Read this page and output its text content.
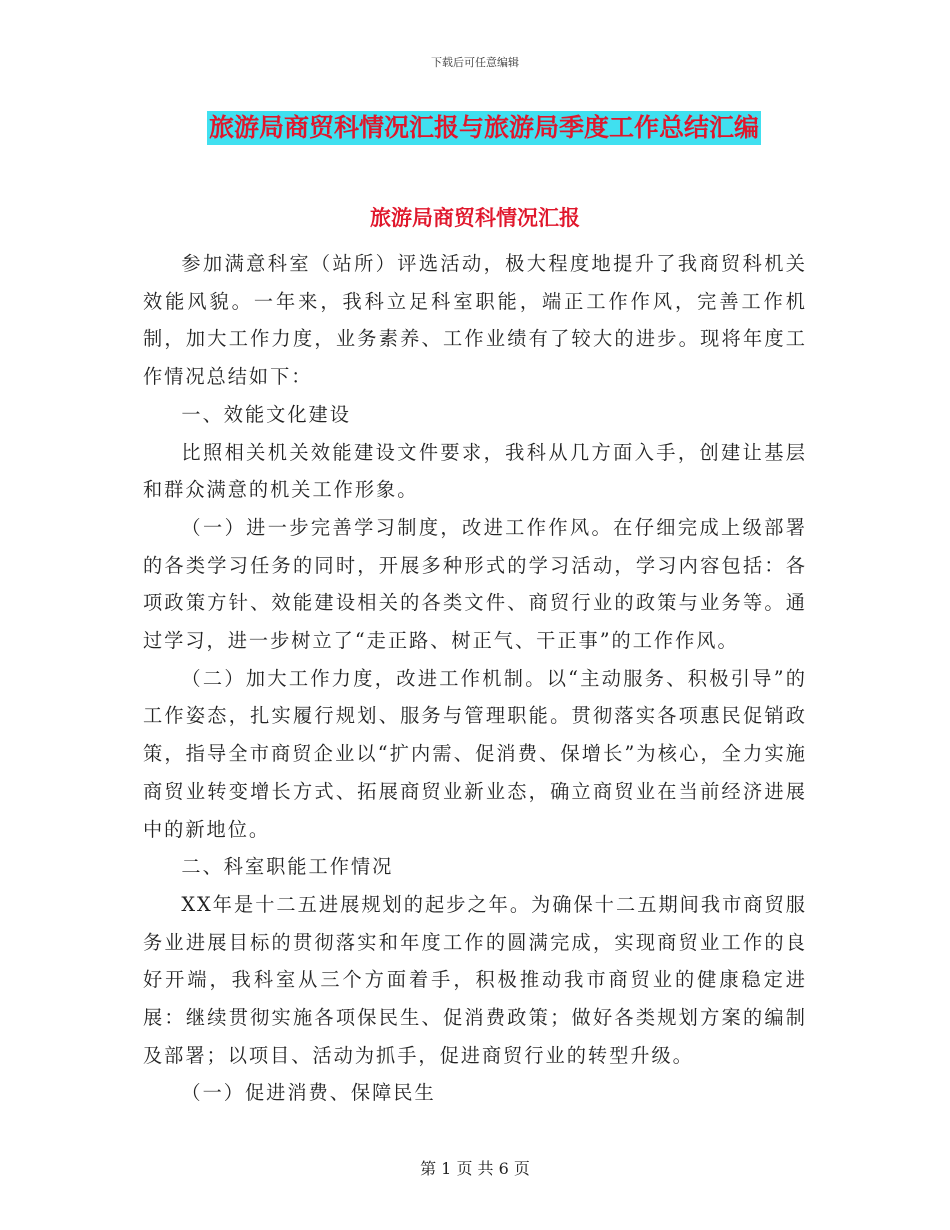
下载后可任意编辑
旅游局商贸科情况汇报与旅游局季度工作总结汇编
旅游局商贸科情况汇报

参加满意科室（站所）评选活动，极大程度地提升了我商贸科机关效能风貌。一年来，我科立足科室职能，端正工作作风，完善工作机制，加大工作力度，业务素养、工作业绩有了较大的进步。现将年度工作情况总结如下：

一、效能文化建设

比照相关机关效能建设文件要求，我科从几方面入手，创建让基层和群众满意的机关工作形象。

（一）进一步完善学习制度，改进工作作风。在仔细完成上级部署的各类学习任务的同时，开展多种形式的学习活动，学习内容包括：各项政策方针、效能建设相关的各类文件、商贸行业的政策与业务等。通过学习，进一步树立了“走正路、树正气、干正事”的工作作风。

（二）加大工作力度，改进工作机制。以“主动服务、积极引导”的工作姿态，扎实履行规划、服务与管理职能。贯彻落实各项惠民促销政策，指导全市商贸企业以“扩内需、促消费、保增长”为核心，全力实施商贸业转变增长方式、拓展商贸业新业态，确立商贸业在当前经济进展中的新地位。

二、科室职能工作情况

XX年是十二五进展规划的起步之年。为确保十二五期间我市商贸服务业进展目标的贯彻落实和年度工作的圆满完成，实现商贸业工作的良好开端，我科室从三个方面着手，积极推动我市商贸业的健康稳定进展：继续贯彻实施各项保民生、促消费政策；做好各类规划方案的编制及部署；以项目、活动为抓手，促进商贸行业的转型升级。

（一）促进消费、保障民生

第 1 页 共 6 页
